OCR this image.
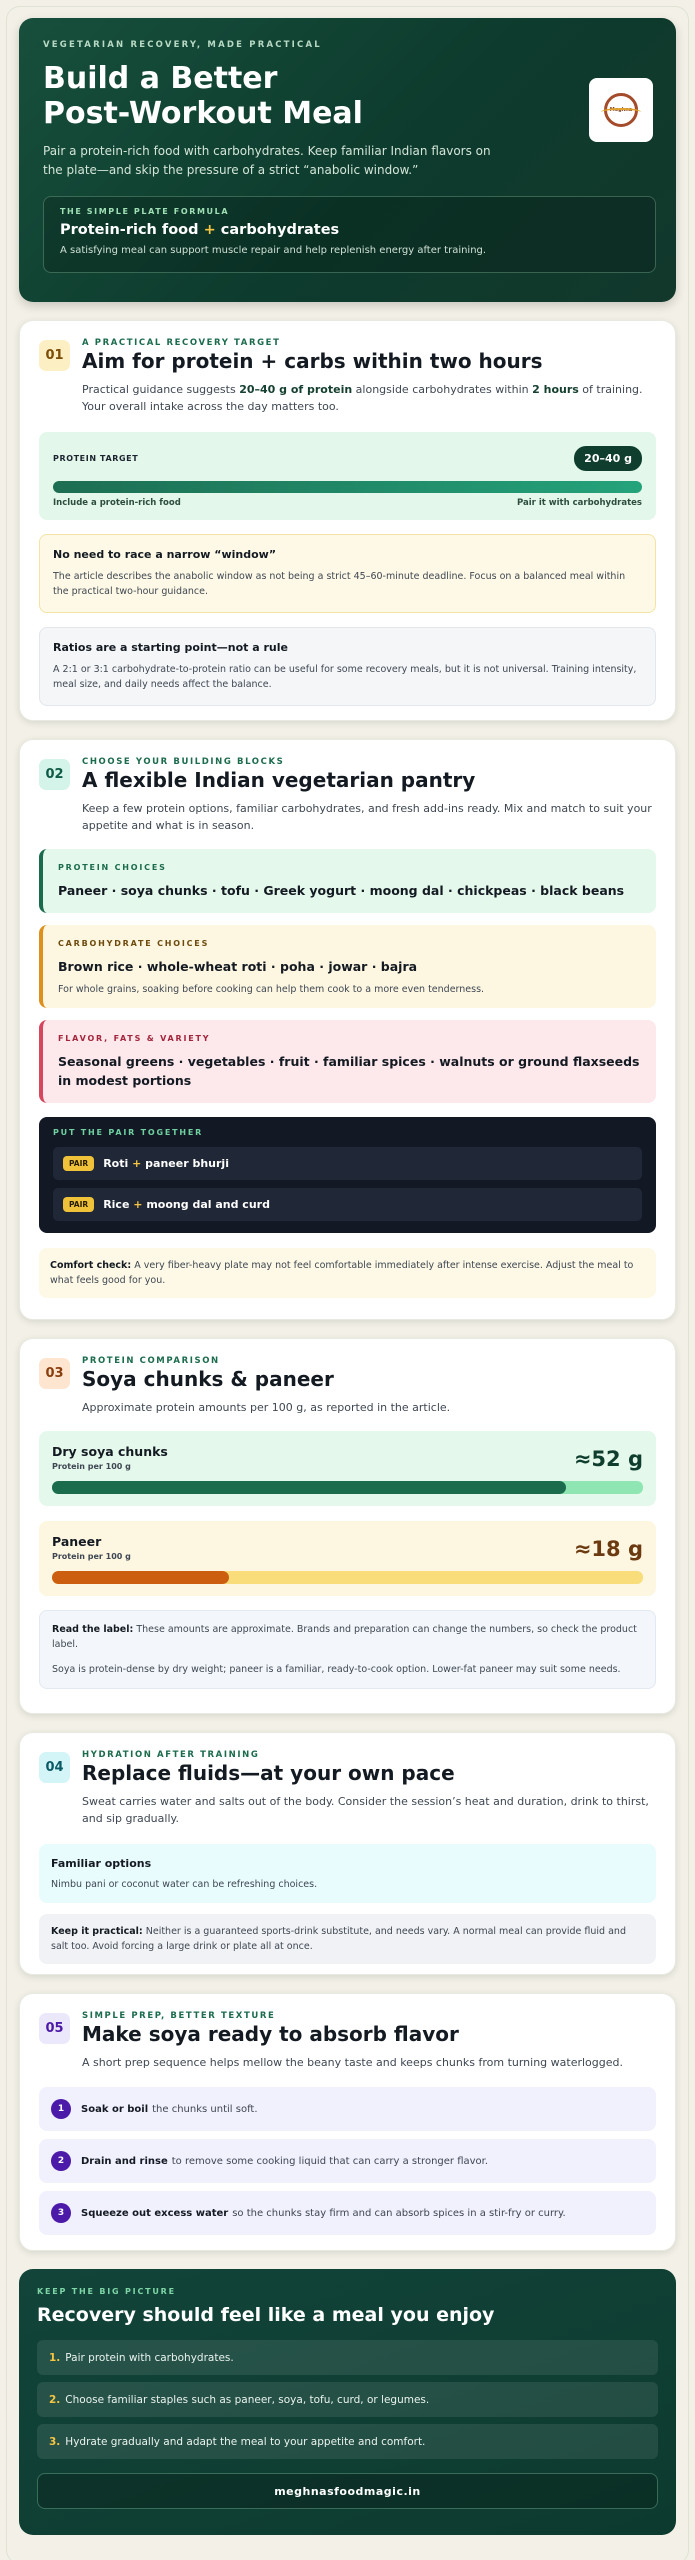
VEGETARIAN RECOVERY, MADE PRACTICAL
Build a Better
Post-Workout Meal

Pair a protein-rich food with carbohydrates. Keep familiar Indian flavors on the plate—and skip the pressure of a strict “anabolic window.”

Meghna
THE SIMPLE PLATE FORMULA
Protein-rich food + carbohydrates
A satisfying meal can support muscle repair and help replenish energy after training.
01
A PRACTICAL RECOVERY TARGET
Aim for protein + carbs within two hours

Practical guidance suggests 20–40 g of protein alongside carbohydrates within 2 hours of training. Your overall intake across the day matters too.

PROTEIN TARGET	20–40 g
Include a protein-rich food	Pair it with carbohydrates
No need to race a narrow “window”

The article describes the anabolic window as not being a strict 45–60-minute deadline. Focus on a balanced meal within the practical two-hour guidance.

Ratios are a starting point—not a rule

A 2:1 or 3:1 carbohydrate-to-protein ratio can be useful for some recovery meals, but it is not universal. Training intensity, meal size, and daily needs affect the balance.

02
CHOOSE YOUR BUILDING BLOCKS
A flexible Indian vegetarian pantry

Keep a few protein options, familiar carbohydrates, and fresh add-ins ready. Mix and match to suit your appetite and what is in season.

PROTEIN CHOICES
Paneer · soya chunks · tofu · Greek yogurt · moong dal · chickpeas · black beans
CARBOHYDRATE CHOICES
Brown rice · whole-wheat roti · poha · jowar · bajra
For whole grains, soaking before cooking can help them cook to a more even tenderness.
FLAVOR, FATS & VARIETY
Seasonal greens · vegetables · fruit · familiar spices · walnuts or ground flaxseeds in modest portions
PUT THE PAIR TOGETHER
PAIR	Roti
+
paneer bhurji
PAIR	Rice
+
moong dal and curd
Comfort check: A very fiber-heavy plate may not feel comfortable immediately after intense exercise. Adjust the meal to what feels good for you.
03
PROTEIN COMPARISON
Soya chunks & paneer

Approximate protein amounts per 100 g, as reported in the article.

Dry soya chunks
Protein per 100 g	≈52 g
Paneer
Protein per 100 g	≈18 g

Read the label: These amounts are approximate. Brands and preparation can change the numbers, so check the product label.

Soya is protein-dense by dry weight; paneer is a familiar, ready-to-cook option. Lower-fat paneer may suit some needs.

04
HYDRATION AFTER TRAINING
Replace fluids—at your own pace

Sweat carries water and salts out of the body. Consider the session’s heat and duration, drink to thirst, and sip gradually.

Familiar options

Nimbu pani or coconut water can be refreshing choices.

Keep it practical: Neither is a guaranteed sports-drink substitute, and needs vary. A normal meal can provide fluid and salt too. Avoid forcing a large drink or plate all at once.
05
SIMPLE PREP, BETTER TEXTURE
Make soya ready to absorb flavor

A short prep sequence helps mellow the beany taste and keeps chunks from turning waterlogged.

1	Soak or boil the chunks until soft.
2	Drain and rinse to remove some cooking liquid that can carry a stronger flavor.
3	Squeeze out excess water so the chunks stay firm and can absorb spices in a stir-fry or curry.
KEEP THE BIG PICTURE
Recovery should feel like a meal you enjoy
1. Pair protein with carbohydrates.
2. Choose familiar staples such as paneer, soya, tofu, curd, or legumes.
3. Hydrate gradually and adapt the meal to your appetite and comfort.
meghnasfoodmagic.in
